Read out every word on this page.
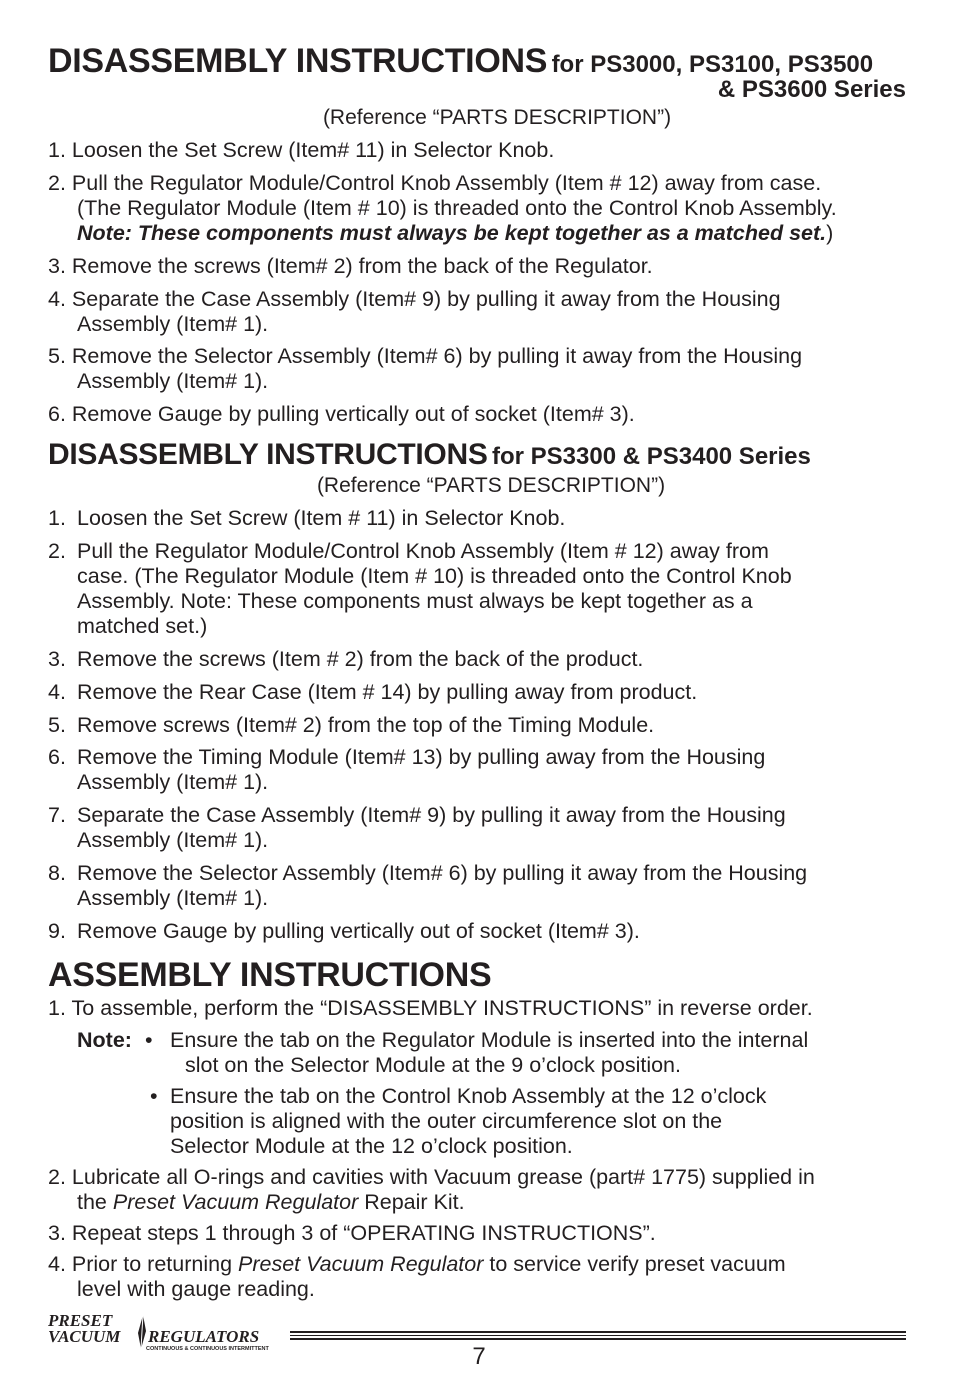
DISASSEMBLY INSTRUCTIONS for PS3000, PS3100, PS3500
& PS3600 Series
(Reference “PARTS DESCRIPTION”)
1. Loosen the Set Screw (Item# 11) in Selector Knob.
2. Pull the Regulator Module/Control Knob Assembly (Item # 12) away from case.
(The Regulator Module (Item # 10) is threaded onto the Control Knob Assembly.
Note: These components must always be kept together as a matched set.)
3. Remove the screws (Item# 2) from the back of the Regulator.
4. Separate the Case Assembly (Item# 9) by pulling it away from the Housing
Assembly (Item# 1).
5. Remove the Selector Assembly (Item# 6) by pulling it away from the Housing
Assembly (Item# 1).
6. Remove Gauge by pulling vertically out of socket (Item# 3).
DISASSEMBLY INSTRUCTIONS for PS3300 & PS3400 Series
(Reference “PARTS DESCRIPTION”)
1. Loosen the Set Screw (Item # 11) in Selector Knob.
2. Pull the Regulator Module/Control Knob Assembly (Item # 12) away from
case. (The Regulator Module (Item # 10) is threaded onto the Control Knob
Assembly. Note: These components must always be kept together as a
matched set.)
3. Remove the screws (Item # 2) from the back of the product.
4. Remove the Rear Case (Item # 14) by pulling away from product.
5. Remove screws (Item# 2) from the top of the Timing Module.
6. Remove the Timing Module (Item# 13) by pulling away from the Housing
Assembly (Item# 1).
7. Separate the Case Assembly (Item# 9) by pulling it away from the Housing
Assembly (Item# 1).
8. Remove the Selector Assembly (Item# 6) by pulling it away from the Housing
Assembly (Item# 1).
9. Remove Gauge by pulling vertically out of socket (Item# 3).
ASSEMBLY INSTRUCTIONS
1. To assemble, perform the “DISASSEMBLY INSTRUCTIONS” in reverse order.
Note: • Ensure the tab on the Regulator Module is inserted into the internal
slot on the Selector Module at the 9 o’clock position.
• Ensure the tab on the Control Knob Assembly at the 12 o’clock
position is aligned with the outer circumference slot on the
Selector Module at the 12 o’clock position.
2. Lubricate all O-rings and cavities with Vacuum grease (part# 1775) supplied in
the Preset Vacuum Regulator Repair Kit.
3. Repeat steps 1 through 3 of “OPERATING INSTRUCTIONS”.
4. Prior to returning Preset Vacuum Regulator to service verify preset vacuum
level with gauge reading.
PRESET
VACUUM REGULATORS
CONTINUOUS & CONTINUOUS INTERMITTENT	7
